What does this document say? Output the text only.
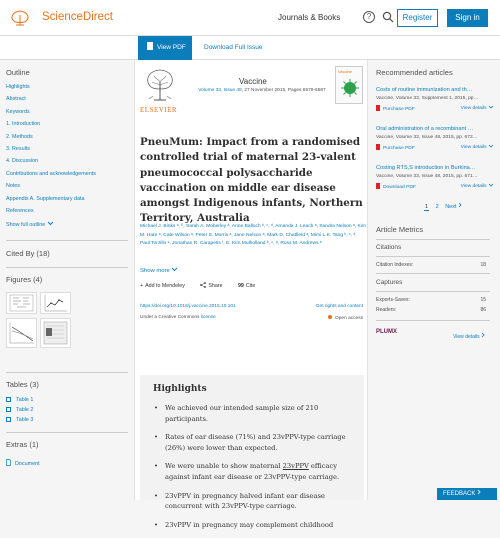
ScienceDirect	Journals & Books	?	Register	Sign in
View PDF	Download Full Issue
Outline
Highlights
Abstract
Keywords
1. Introduction
2. Methods
3. Results
4. Discussion
Contributions and acknowledgements
Notes
Appendix A. Supplementary data
References
Show full outline
Cited By (18)
Figures (4)
Tables (3)
Table 1
Table 2
Table 3
Extras (1)
Document
ELSEVIER
Vaccine
Volume 33, Issue 48, 27 November 2015, Pages 6579-6587
Vaccine
PneuMum: Impact from a randomised controlled trial of maternal 23-valent pneumococcal polysaccharide vaccination on middle ear disease amongst Indigenous infants, Northern Territory, Australia
Michael J. Binks ᵃ, ᴱ, Sarah A. Moberley ᵃ, Anne Balloch ᵇ, ᶜ, ᵈ, Amanda J. Leach ᵃ, Sandra Nelson ᵃ, Kim M. Hare ᵃ, Cate Wilson ᵃ, Peter S. Morris ᵃ, Jane Nelson ᵃ, Mark D. Chatfield ᵃ, Mimi L.K. Tang ᵇ, ᶜ, ᵈ, Paul Torzillo ᵉ, Jonathan R. Carapetis ᶠ, E. Kim Mulholland ᵇ, ᶜ, ᵍ, Ross M. Andrews ᵃ
Show more
+ Add to Mendeley	Share	99 Cite
https://doi.org/10.1016/j.vaccine.2015.10.101
Under a Creative Commons license
Get rights and content
Open access
Highlights
• We achieved our intended sample size of 210 participants.
• Rates of ear disease (71%) and 23vPPV-type carriage (26%) were lower than expected.
• We were unable to show maternal 23vPPV efficacy against infant ear disease or 23vPPV-type carriage.
• 23vPPV in pregnancy halved infant ear disease concurrent with 23vPPV-type carriage.
• 23vPPV in pregnancy may complement childhood
Recommended articles
Costs of routine immunization and th…
Vaccine, Volume 33, Supplement 1, 2015, pp…
Purchase PDF	View details
Oral administration of a recombinant …
Vaccine, Volume 33, Issue 48, 2015, pp. 672…
Purchase PDF	View details
Costing RTS,S introduction in Burkina…
Vaccine, Volume 33, Issue 48, 2015, pp. 671…
Download PDF	View details
1 2 Next
Article Metrics
Citations
Citation Indexes:	18
Captures
Exports-Saves:	15
Readers:	86
PLUMX
View details
FEEDBACK
